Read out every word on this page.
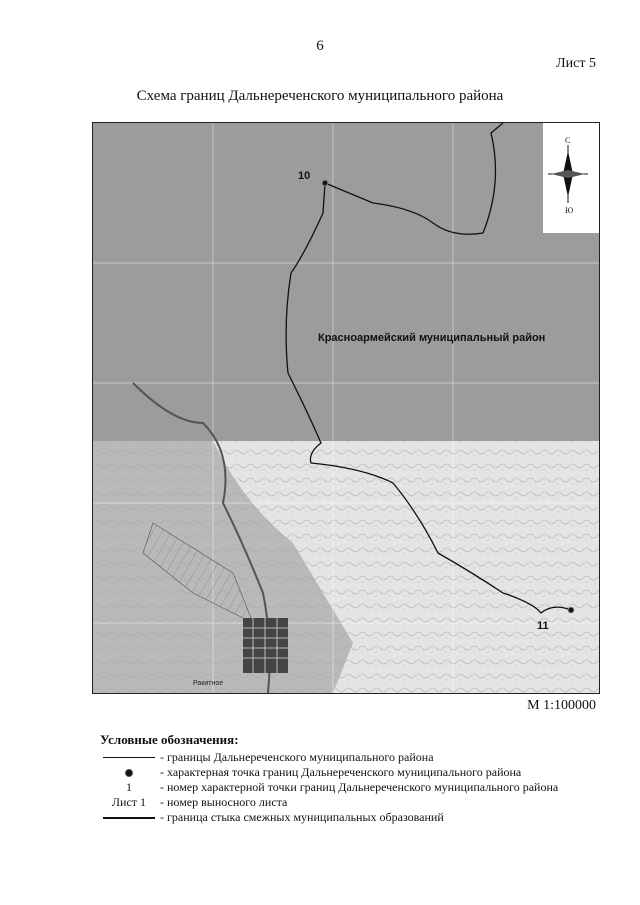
6
Лист 5
Схема границ Дальнереченского муниципального района
Ракитное
10
11
Красноармейский муниципальный район
С
Ю
М 1:100000
Условные обозначения:
- границы Дальнереченского муниципального района
- характерная точка границ Дальнереченского муниципального района
1	- номер характерной точки границ Дальнереченского муниципального района
Лист 1	- номер выносного листа
- граница стыка смежных муниципальных образований
